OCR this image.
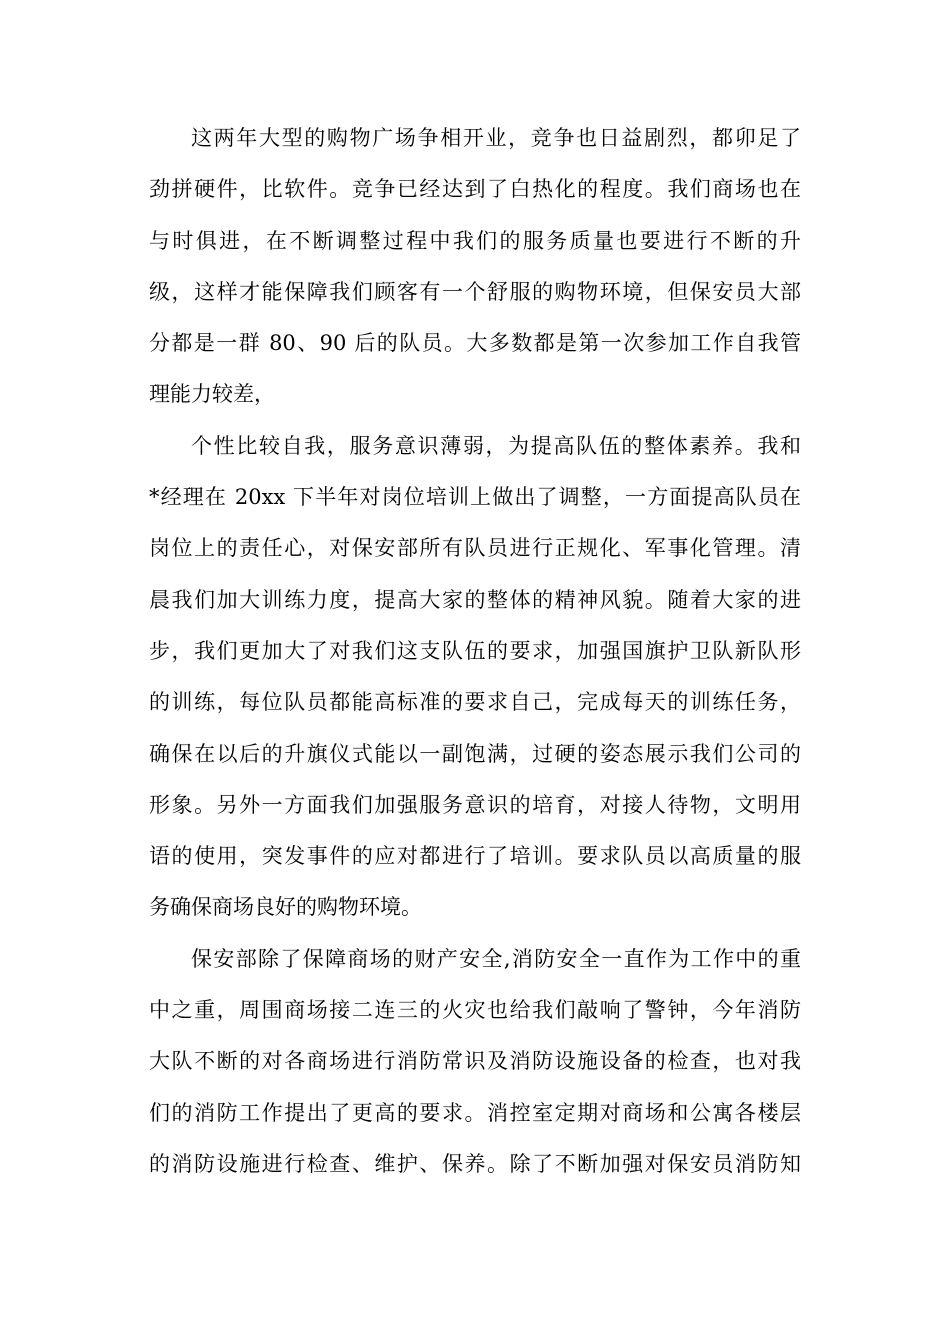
这两年大型的购物广场争相开业，竞争也日益剧烈，都卯足了
劲拼硬件，比软件。竞争已经达到了白热化的程度。我们商场也在
与时俱进，在不断调整过程中我们的服务质量也要进行不断的升
级，这样才能保障我们顾客有一个舒服的购物环境，但保安员大部
分都是一群 80、90 后的队员。大多数都是第一次参加工作自我管
理能力较差，
个性比较自我，服务意识薄弱，为提高队伍的整体素养。我和
*经理在 20xx 下半年对岗位培训上做出了调整，一方面提高队员在
岗位上的责任心，对保安部所有队员进行正规化、军事化管理。清
晨我们加大训练力度，提高大家的整体的精神风貌。随着大家的进
步，我们更加大了对我们这支队伍的要求，加强国旗护卫队新队形
的训练，每位队员都能高标准的要求自己，完成每天的训练任务，
确保在以后的升旗仪式能以一副饱满，过硬的姿态展示我们公司的
形象。另外一方面我们加强服务意识的培育，对接人待物，文明用
语的使用，突发事件的应对都进行了培训。要求队员以高质量的服
务确保商场良好的购物环境。
保安部除了保障商场的财产安全,消防安全一直作为工作中的重
中之重，周围商场接二连三的火灾也给我们敲响了警钟，今年消防
大队不断的对各商场进行消防常识及消防设施设备的检查，也对我
们的消防工作提出了更高的要求。消控室定期对商场和公寓各楼层
的消防设施进行检查、维护、保养。除了不断加强对保安员消防知
